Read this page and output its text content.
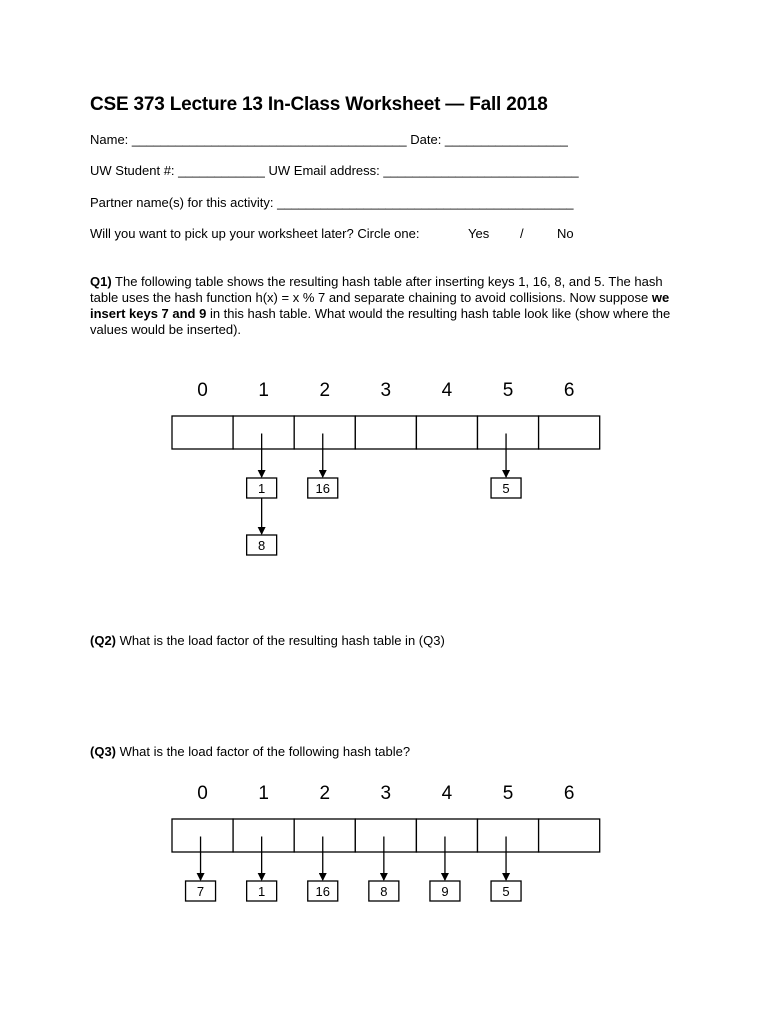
CSE 373 Lecture 13 In-Class Worksheet — Fall 2018
Name: ______________________________________ Date: _________________
UW Student #: ____________ UW Email address: ___________________________
Partner name(s) for this activity: _________________________________________
Will you want to pick up your worksheet later? Circle one:	Yes /	No
Q1) The following table shows the resulting hash table after inserting keys 1, 16, 8, and 5. The hash table uses the hash function h(x) = x % 7 and separate chaining to avoid collisions. Now suppose we insert keys 7 and 9 in this hash table. What would the resulting hash table look like (show where the values would be inserted).
0	1	2	3	4	5	6
1
8
16	5
0	1	2	3	4	5	6
7	1	16	8	9	5
(Q2) What is the load factor of the resulting hash table in (Q3)
(Q3) What is the load factor of the following hash table?
